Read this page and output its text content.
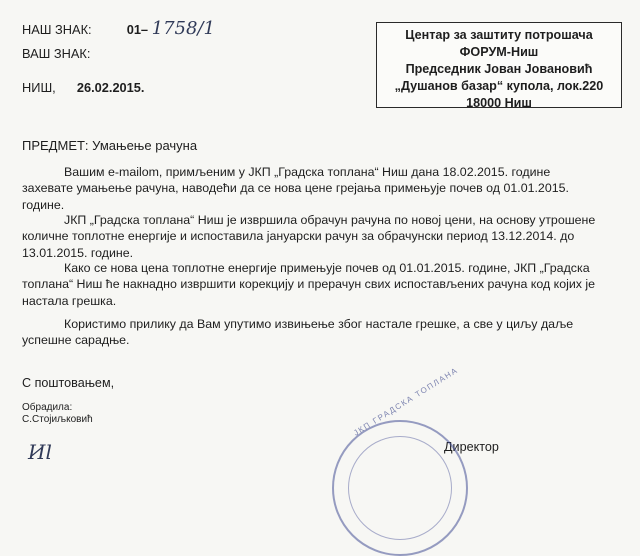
НАШ ЗНАК:	01– 1758/1
ВАШ ЗНАК:
НИШ, 26.02.2015.
Центар за заштиту потрошача
ФОРУМ-Ниш
Председник Јован Јовановић
„Душанов базар“ купола, лок.220
18000 Ниш
ПРЕДМЕТ: Умањење рачуна
Вашим e-mailom, примљеним у ЈКП „Градска топлана“ Ниш дана 18.02.2015. године
захевате умањење рачуна, наводећи да се нова цене грејања примењује почев од 01.01.2015.
године.
ЈКП „Градска топлана“ Ниш је извршила обрачун рачуна по новој цени, на основу утрошене
количне топлотне енергије и испоставила јануарски рачун за обрачунски период 13.12.2014. до
13.01.2015. године.
Како се нова цена топлотне енергије примењује почев од 01.01.2015. године, ЈКП „Градска
топлана“ Ниш ће накнадно извршити корекцију и прерачун свих испостављених рачуна код којих је
настала грешка.
Користимо прилику да Вам упутимо извињење због настале грешке, а све у циљу даље
успешне сарадње.
С поштовањем,
Обрадила:
С.Стојиљковић
Иl	Директор
ЈКП ГРАДСКА ТОПЛАНА
